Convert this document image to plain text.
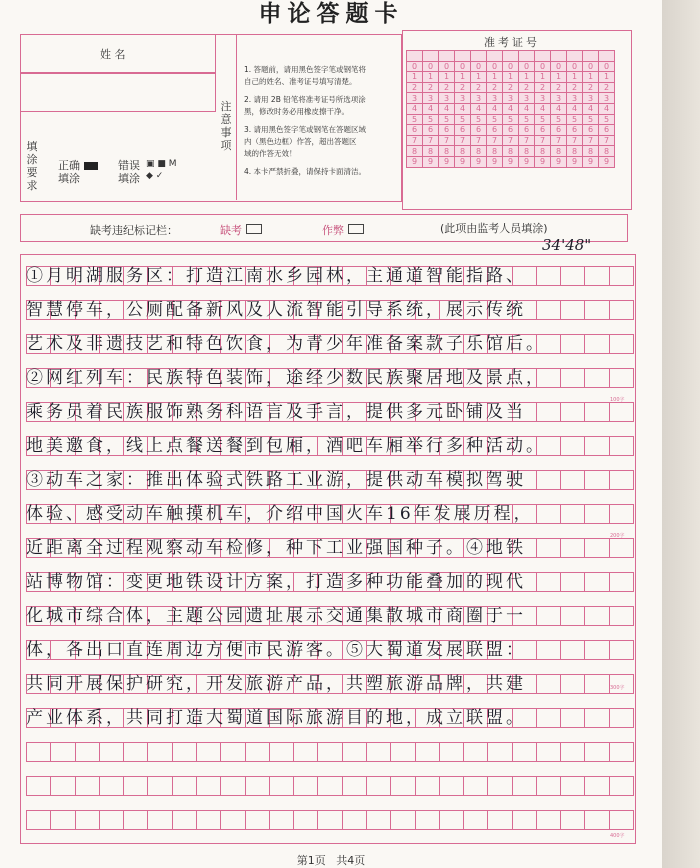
申论答题卡
姓 名
填涂要求
正确
填涂
错误
填涂
▣ ■ M
◆ ✓
注意事项
1. 答题前，请用黑色签字笔或钢笔将
自己的姓名、准考证号填写清楚。
2. 请用 2B 铅笔将准考证号所选项涂
黑，修改时务必用橡皮擦干净。
3. 请用黑色签字笔或钢笔在答题区域
内（黑色边框）作答，超出答题区
域的作答无效！
4. 本卡严禁折叠，请保持卡面清洁。
准考证号

0	0	0	0	0	0	0	0	0	0	0	0	0
1	1	1	1	1	1	1	1	1	1	1	1	1
2	2	2	2	2	2	2	2	2	2	2	2	2
3	3	3	3	3	3	3	3	3	3	3	3	3
4	4	4	4	4	4	4	4	4	4	4	4	4
5	5	5	5	5	5	5	5	5	5	5	5	5
6	6	6	6	6	6	6	6	6	6	6	6	6
7	7	7	7	7	7	7	7	7	7	7	7	7
8	8	8	8	8	8	8	8	8	8	8	8	8
9	9	9	9	9	9	9	9	9	9	9	9	9
缺考违纪标记栏：	缺考	作弊	(此项由监考人员填涂)
34'48"
①月明湖服务区：打造江南水乡园林，主通道智能指路、
智慧停车，公厕配备新风及人流智能引导系统，展示传统
艺术及非遗技艺和特色饮食，为青少年准备案款子乐馆后。
②网红列车：民族特色装饰，途经少数民族聚居地及景点，
乘务员着民族服饰熟务科语言及手言，提供多元卧铺及当
地美邀食，线上点餐送餐到包厢，酒吧车厢举行多种活动。
③动车之家：推出体验式铁路工业游，提供动车模拟驾驶
体验、感受动车触摸机车，介绍中国火车16年发展历程，
近距离全过程观察动车检修，种下工业强国种子。④地铁
站博物馆：变更地铁设计方案，打造多种功能叠加的现代
化城市综合体，主题公园遗址展示交通集散城市商圈于一
体，各出口直连周边方便市民游客。⑤大蜀道发展联盟：
共同开展保护研究，开发旅游产品，共塑旅游品牌，共建
产业体系，共同打造大蜀道国际旅游目的地，成立联盟。
100字
200字
300字
400字
第1页 共4页
